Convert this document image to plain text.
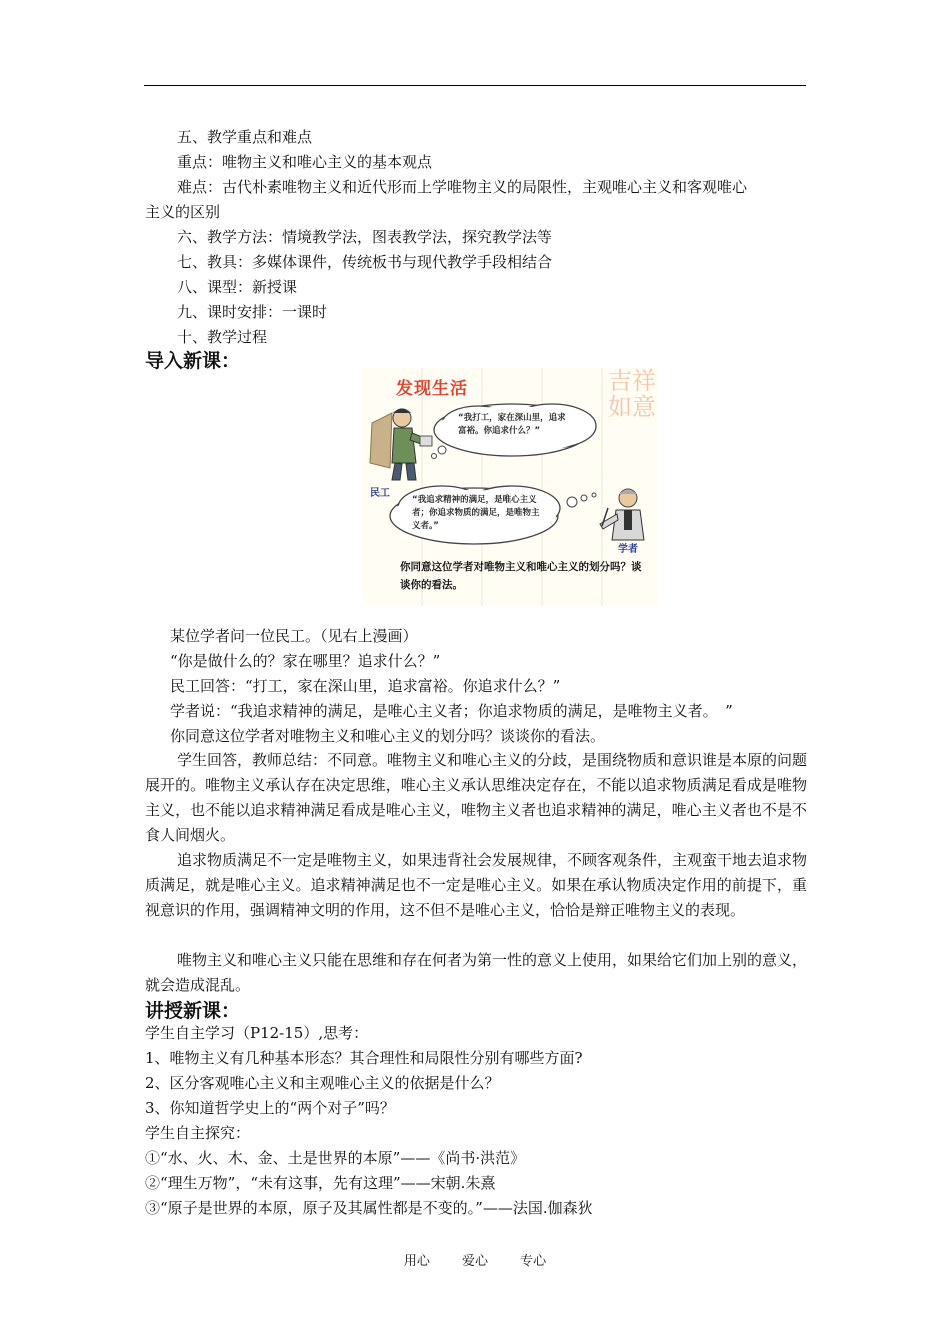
五、教学重点和难点
重点：唯物主义和唯心主义的基本观点
难点：古代朴素唯物主义和近代形而上学唯物主义的局限性，主观唯心主义和客观唯心
主义的区别
六、教学方法：情境教学法，图表教学法，探究教学法等
七、教具：多媒体课件，传统板书与现代教学手段相结合
八、课型：新授课
九、课时安排：一课时
十、教学过程
导入新课：
发现生活	吉祥如意
“我打工，家在深山里，追求富裕。你追求什么？”
“我追求精神的满足，是唯心主义者；你追求物质的满足，是唯物主义者。”
民工
学者
你同意这位学者对唯物主义和唯心主义的划分吗？谈谈你的看法。
某位学者问一位民工。（见右上漫画）
“你是做什么的？家在哪里？追求什么？”
民工回答：“打工，家在深山里，追求富裕。你追求什么？”
学者说：“我追求精神的满足，是唯心主义者；你追求物质的满足，是唯物主义者。　”
你同意这位学者对唯物主义和唯心主义的划分吗？谈谈你的看法。
学生回答，教师总结：不同意。唯物主义和唯心主义的分歧，是围绕物质和意识谁是本原的问题展开的。唯物主义承认存在决定思维，唯心主义承认思维决定存在，不能以追求物质满足看成是唯物主义，也不能以追求精神满足看成是唯心主义，唯物主义者也追求精神的满足，唯心主义者也不是不食人间烟火。
追求物质满足不一定是唯物主义，如果违背社会发展规律，不顾客观条件，主观蛮干地去追求物质满足，就是唯心主义。追求精神满足也不一定是唯心主义。如果在承认物质决定作用的前提下，重视意识的作用，强调精神文明的作用，这不但不是唯心主义，恰恰是辩正唯物主义的表现。
唯物主义和唯心主义只能在思维和存在何者为第一性的意义上使用，如果给它们加上别的意义，就会造成混乱。
讲授新课：
学生自主学习（P12-15）,思考：
1、唯物主义有几种基本形态？其合理性和局限性分别有哪些方面?
2、区分客观唯心主义和主观唯心主义的依据是什么？
3、你知道哲学史上的“两个对子”吗？
学生自主探究：
①“水、火、木、金、土是世界的本原”——《尚书·洪范》
②“理生万物”，“未有这事，先有这理”——宋朝.朱熹
③“原子是世界的本原，原子及其属性都是不变的。”——法国.伽森狄
用心 爱心 专心
